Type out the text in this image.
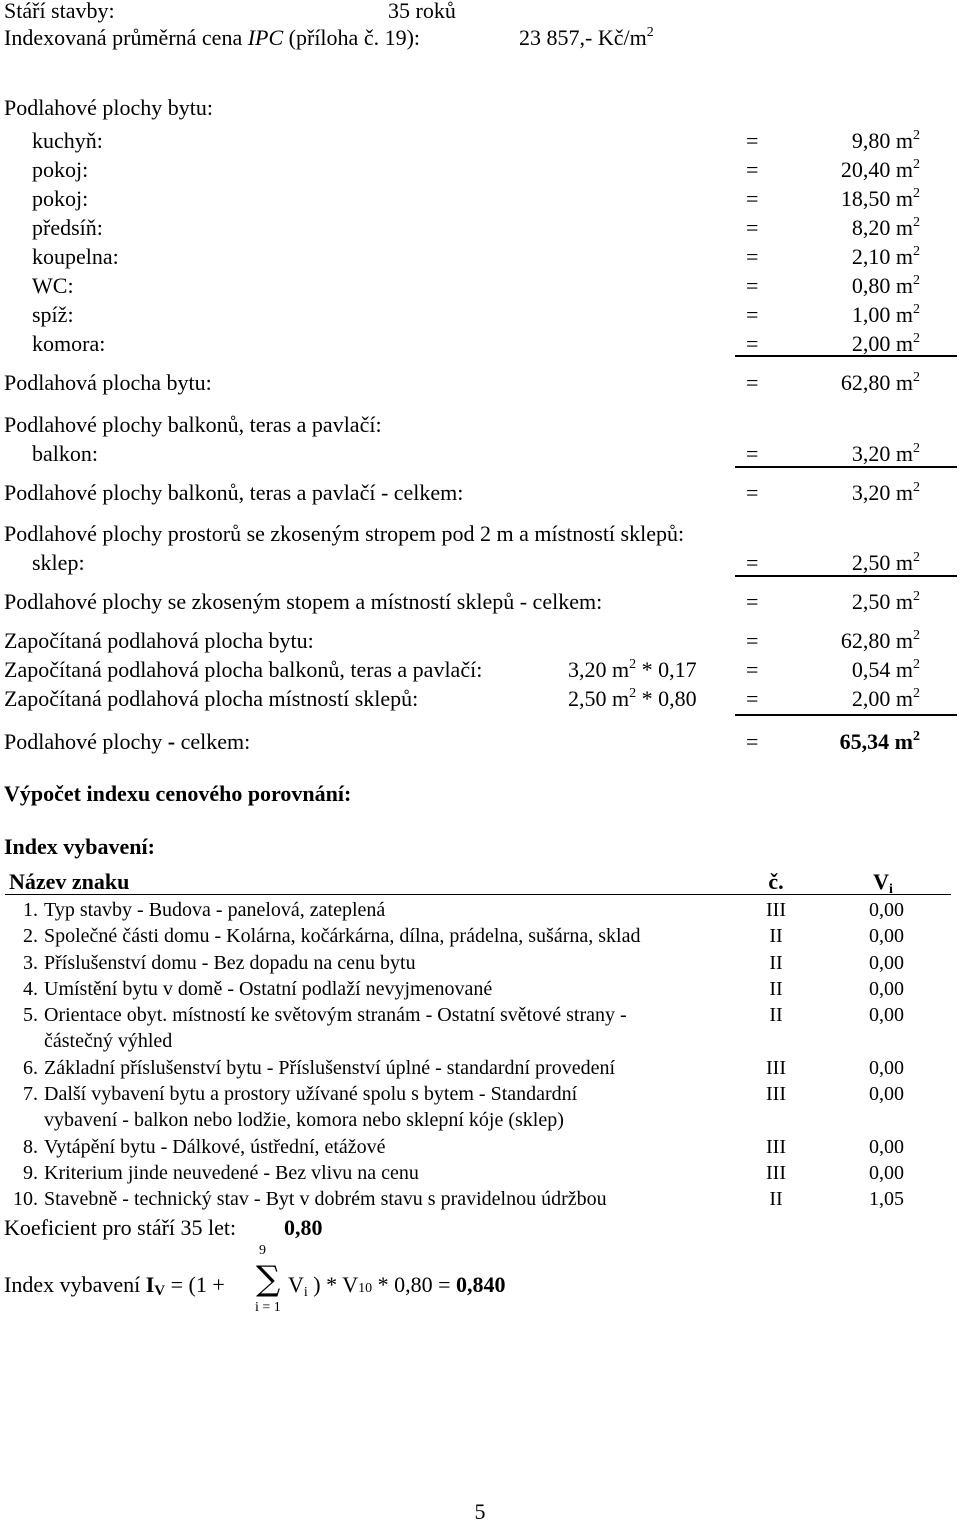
Stáří stavby:	35 roků
Indexovaná průměrná cena IPC (příloha č. 19):	23 857,- $Kč/m^2$
Podlahové plochy bytu:
kuchyň:	=	9,80 $m^2$
pokoj:	=	20,40 $m^2$
pokoj:	=	18,50 $m^2$
předsíň:	=	8,20 $m^2$
koupelna:	=	2,10 $m^2$
WC:	=	0,80 $m^2$
spíž:	=	1,00 $m^2$
komora:	=	2,00 $m^2$
Podlahová plocha bytu:	=	62,80 $m^2$
Podlahové plochy balkonů, teras a pavlačí:
balkon:	=	3,20 $m^2$
Podlahové plochy balkonů, teras a pavlačí - celkem:	=	3,20 $m^2$
Podlahové plochy prostorů se zkoseným stropem pod 2 m a místností sklepů:
sklep:	=	2,50 $m^2$
Podlahové plochy se zkoseným stopem a místností sklepů - celkem:	=	2,50 $m^2$
Započítaná podlahová plocha bytu:	=	62,80 $m^2$
Započítaná podlahová plocha balkonů, teras a pavlačí:	3,20 $m^2 * 0,17$ =	0,54 $m^2$
Započítaná podlahová plocha místností sklepů:	2,50 $m^2 * 0,80$ =	2,00 $m^2$
Podlahové plochy - celkem:	=	65,34 $m^2$
Výpočet indexu cenového porovnání:
Index vybavení:
Název znaku	č.	Vi
1. Typ stavby - Budova - panelová, zateplená	III	0,00
2. Společné části domu - Kolárna, kočárkárna, dílna, prádelna, sušárna, sklad	II	0,00
3. Příslušenství domu - Bez dopadu na cenu bytu	II	0,00
4. Umístění bytu v domě - Ostatní podlaží nevyjmenované	II	0,00
5. Orientace obyt. místností ke světovým stranám - Ostatní světové strany -	II	0,00
částečný výhled
6. Základní příslušenství bytu - Příslušenství úplné - standardní provedení	III	0,00
7. Další vybavení bytu a prostory užívané spolu s bytem - Standardní	III	0,00
vybavení - balkon nebo lodžie, komora nebo sklepní kóje (sklep)
8. Vytápění bytu - Dálkové, ústřední, etážové	III	0,00
9. Kriterium jinde neuvedené - Bez vlivu na cenu	III	0,00
10. Stavebně - technický stav - Byt v dobrém stavu s pravidelnou údržbou	II	1,05
Koeficient pro stáří 35 let: 0,80
9
∑
i = 1
Index vybavení IV = (1 +	Vi ) * V10 * 0,80 = 0,840
5
